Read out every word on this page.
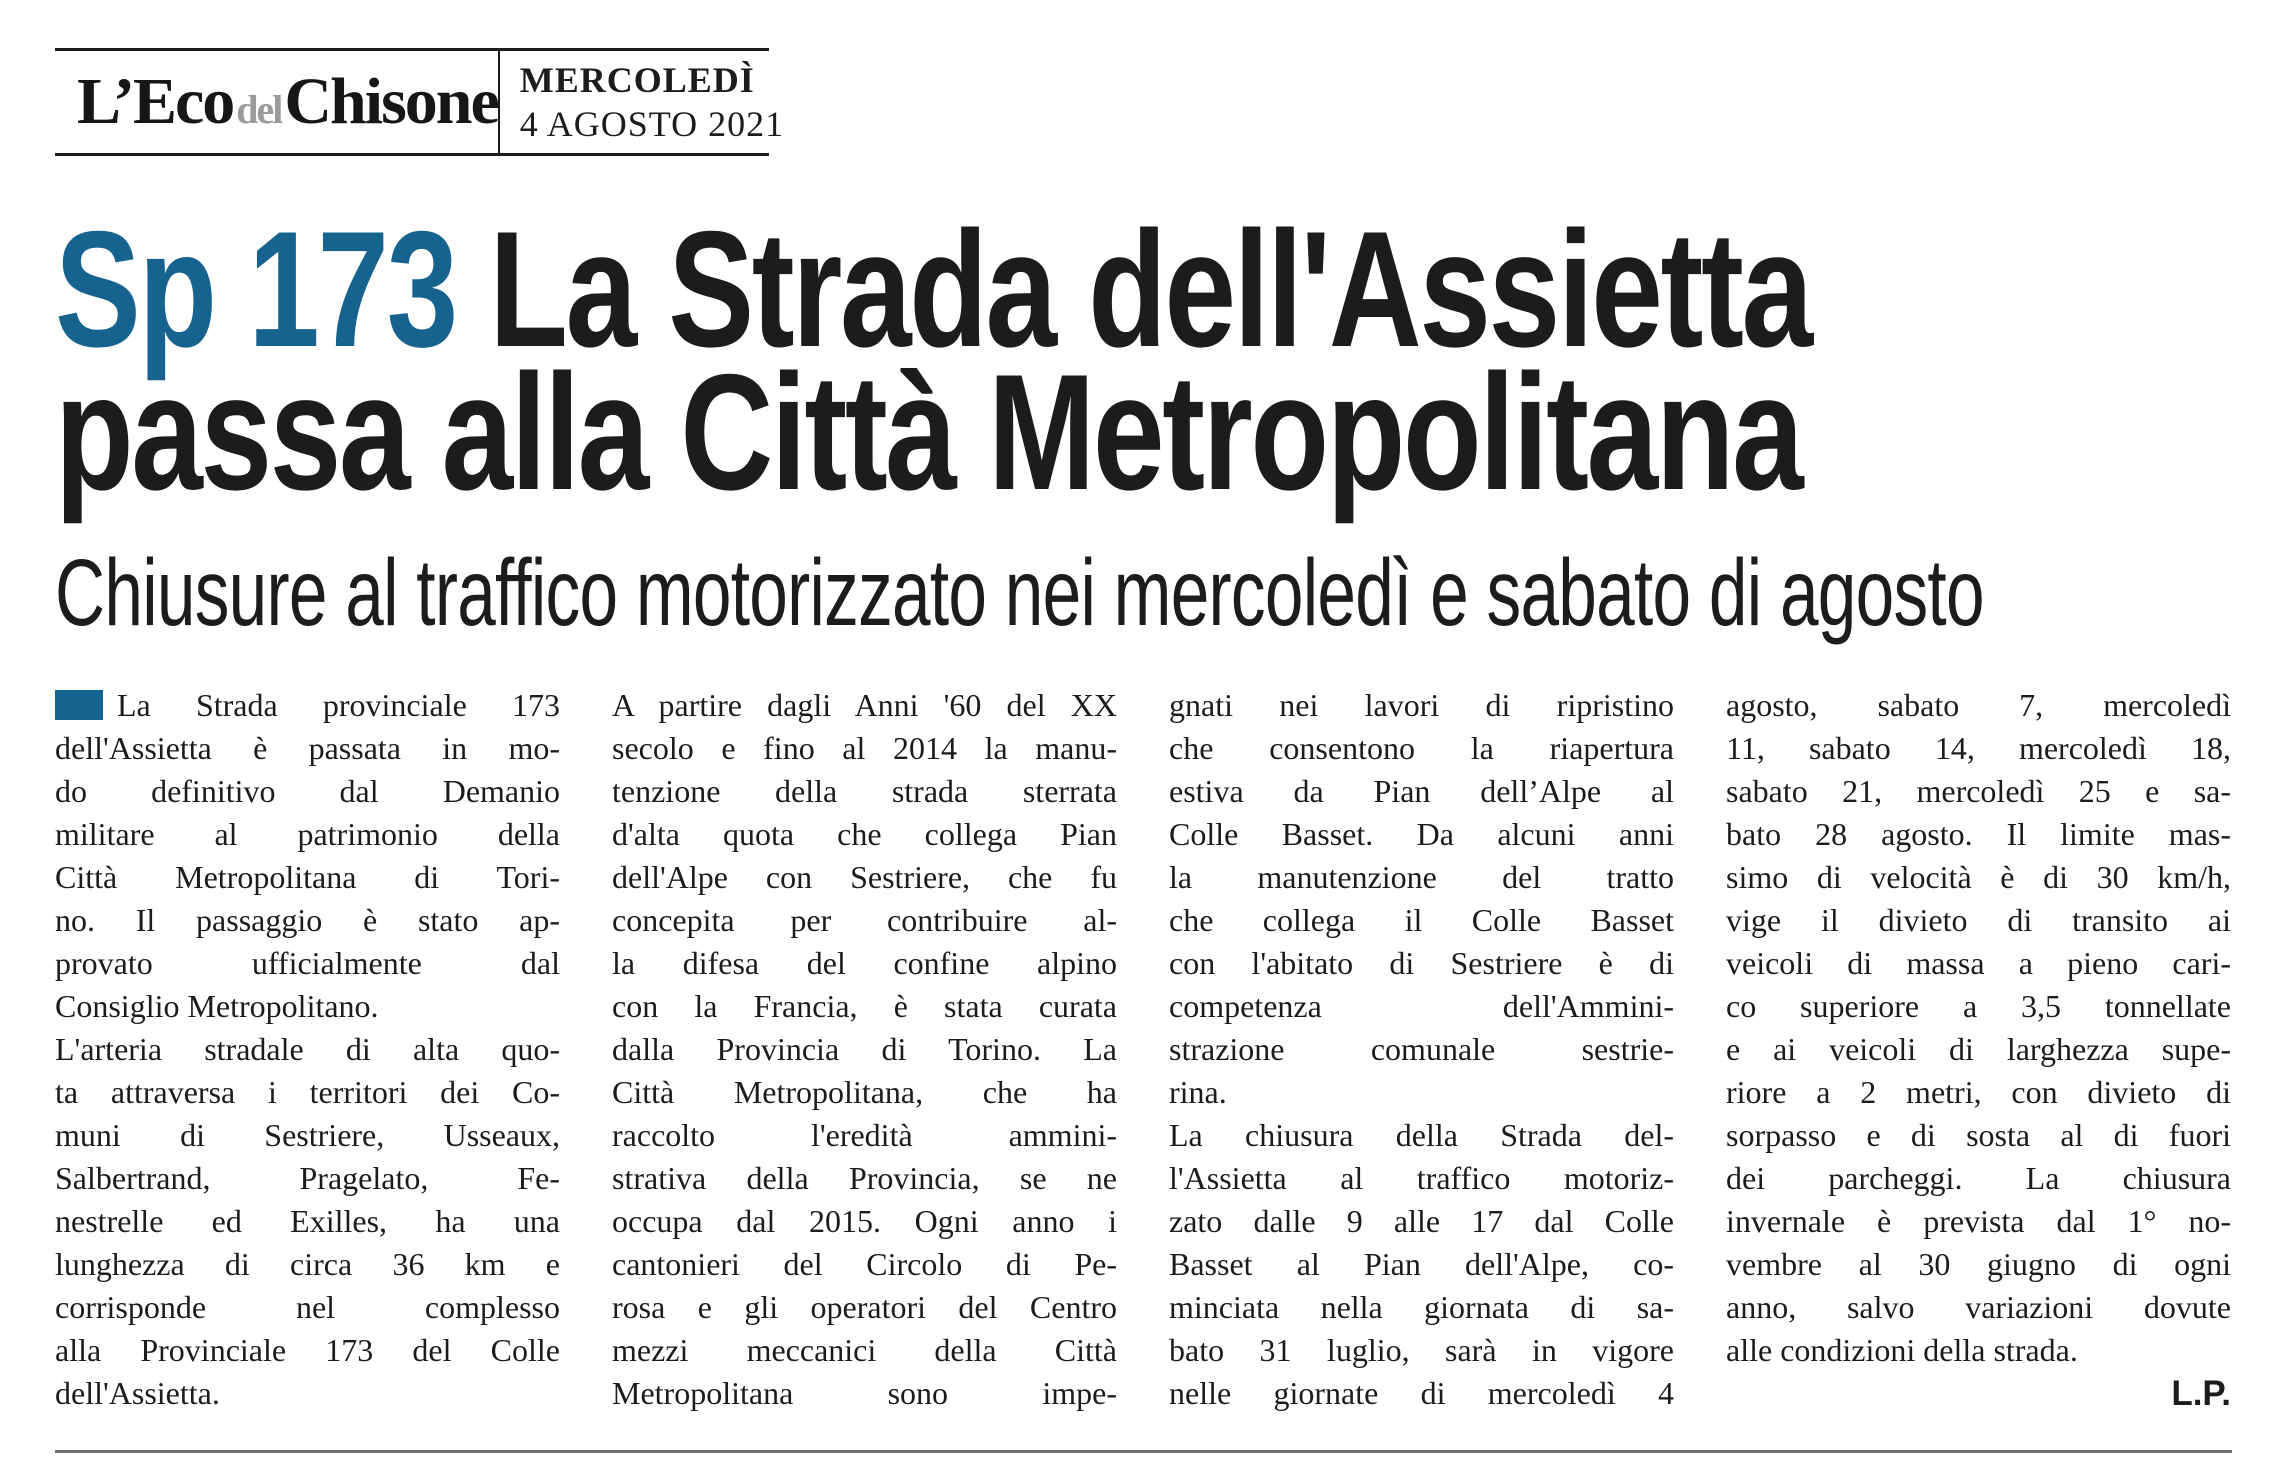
L’EcodelChisone MERCOLEDÌ
4 AGOSTO 2021
Sp 173 La Strada dell'Assietta
passa alla Città Metropolitana
Chiusure al traffico motorizzato nei mercoledì e sabato di agosto
La Strada provinciale 173
dell'Assietta è passata in mo-
do definitivo dal Demanio
militare al patrimonio della
Città Metropolitana di Tori-
no. Il passaggio è stato ap-
provato ufficialmente dal
Consiglio Metropolitano.
L'arteria stradale di alta quo-
ta attraversa i territori dei Co-
muni di Sestriere, Usseaux,
Salbertrand, Pragelato, Fe-
nestrelle ed Exilles, ha una
lunghezza di circa 36 km e
corrisponde nel complesso
alla Provinciale 173 del Colle
dell'Assietta.
A partire dagli Anni '60 del XX
secolo e fino al 2014 la manu-
tenzione della strada sterrata
d'alta quota che collega Pian
dell'Alpe con Sestriere, che fu
concepita per contribuire al-
la difesa del confine alpino
con la Francia, è stata curata
dalla Provincia di Torino. La
Città Metropolitana, che ha
raccolto l'eredità ammini-
strativa della Provincia, se ne
occupa dal 2015. Ogni anno i
cantonieri del Circolo di Pe-
rosa e gli operatori del Centro
mezzi meccanici della Città
Metropolitana sono impe-
gnati nei lavori di ripristino
che consentono la riapertura
estiva da Pian dell’Alpe al
Colle Basset. Da alcuni anni
la manutenzione del tratto
che collega il Colle Basset
con l'abitato di Sestriere è di
competenza dell'Ammini-
strazione comunale sestrie-
rina.
La chiusura della Strada del-
l'Assietta al traffico motoriz-
zato dalle 9 alle 17 dal Colle
Basset al Pian dell'Alpe, co-
minciata nella giornata di sa-
bato 31 luglio, sarà in vigore
nelle giornate di mercoledì 4
agosto, sabato 7, mercoledì
11, sabato 14, mercoledì 18,
sabato 21, mercoledì 25 e sa-
bato 28 agosto. Il limite mas-
simo di velocità è di 30 km/h,
vige il divieto di transito ai
veicoli di massa a pieno cari-
co superiore a 3,5 tonnellate
e ai veicoli di larghezza supe-
riore a 2 metri, con divieto di
sorpasso e di sosta al di fuori
dei parcheggi. La chiusura
invernale è prevista dal 1° no-
vembre al 30 giugno di ogni
anno, salvo variazioni dovute
alle condizioni della strada.
L.P.
